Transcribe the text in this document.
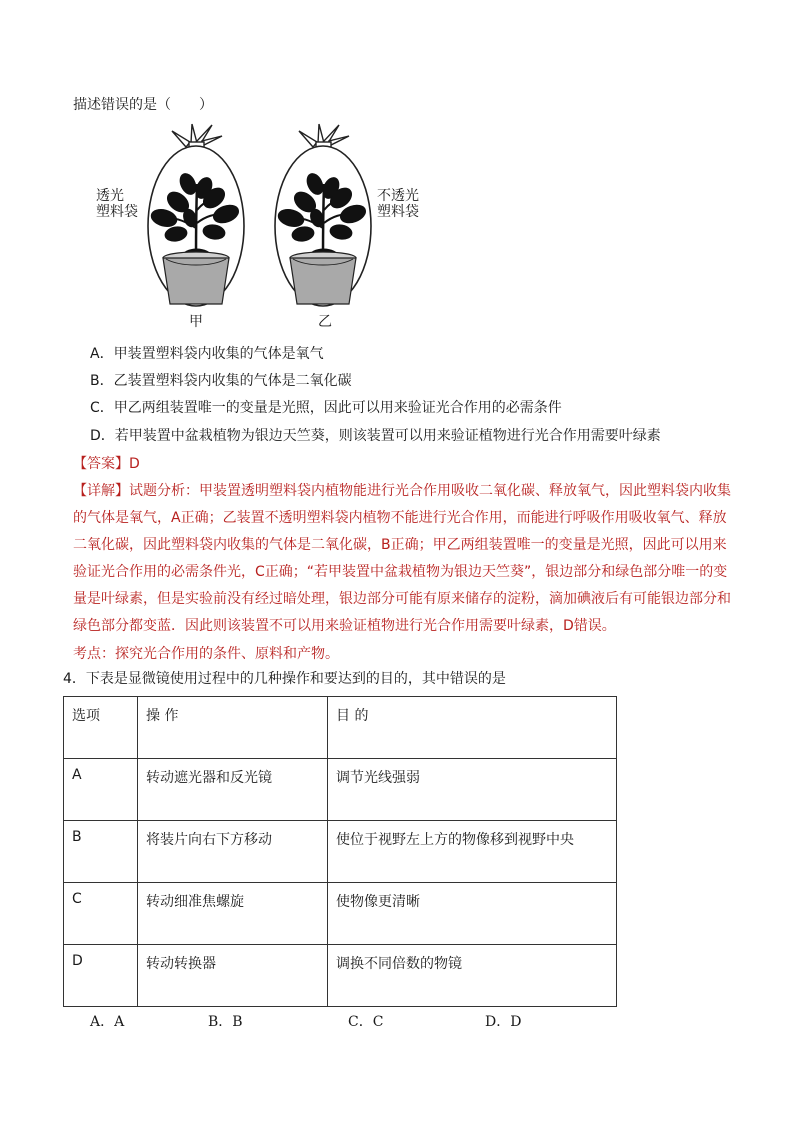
描述错误的是（　　）
透光
塑料袋
不透光
塑料袋
甲	乙
A．甲装置塑料袋内收集的气体是氧气
B．乙装置塑料袋内收集的气体是二氧化碳
C．甲乙两组装置唯一的变量是光照，因此可以用来验证光合作用的必需条件
D．若甲装置中盆栽植物为银边天竺葵，则该装置可以用来验证植物进行光合作用需要叶绿素
【答案】D
【详解】试题分析：甲装置透明塑料袋内植物能进行光合作用吸收二氧化碳、释放氧气，因此塑料袋内收集的气体是氧气，A正确；乙装置不透明塑料袋内植物不能进行光合作用，而能进行呼吸作用吸收氧气、释放二氧化碳，因此塑料袋内收集的气体是二氧化碳，B正确；甲乙两组装置唯一的变量是光照，因此可以用来验证光合作用的必需条件光，C正确；“若甲装置中盆栽植物为银边天竺葵”，银边部分和绿色部分唯一的变量是叶绿素，但是实验前没有经过暗处理，银边部分可能有原来储存的淀粉，滴加碘液后有可能银边部分和绿色部分都变蓝．因此则该装置不可以用来验证植物进行光合作用需要叶绿素，D错误。
考点：探究光合作用的条件、原料和产物。
4．下表是显微镜使用过程中的几种操作和要达到的目的，其中错误的是
选项	操 作	目 的
A	转动遮光器和反光镜	调节光线强弱
B	将装片向右下方移动	使位于视野左上方的物像移到视野中央
C	转动细准焦螺旋	使物像更清晰
D	转动转换器	调换不同倍数的物镜
A．A	B．B	C．C	D．D
